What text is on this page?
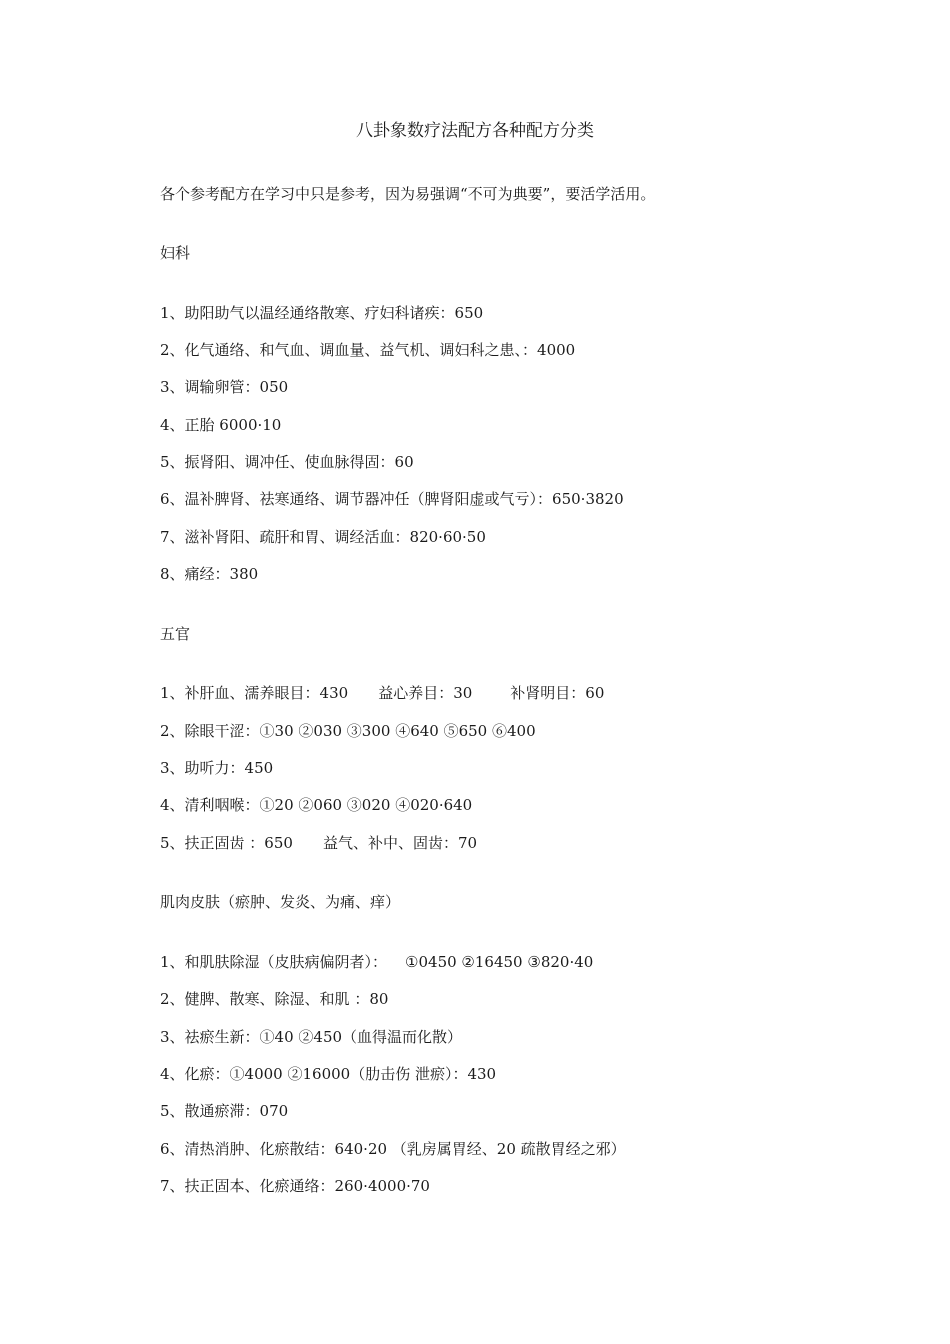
八卦象数疗法配方各种配方分类
各个参考配方在学习中只是参考，因为易强调“不可为典要”，要活学活用。
妇科
1、助阳助气以温经通络散寒、疗妇科诸疾：650
2、化气通络、和气血、调血量、益气机、调妇科之患、：4000
3、调输卵管：050
4、正胎 6000·10
5、振肾阳、调冲任、使血脉得固：60
6、温补脾肾、祛寒通络、调节器冲任（脾肾阳虚或气亏）：650·3820
7、滋补肾阳、疏肝和胃、调经活血：820·60·50
8、痛经：380
五官
1、补肝血、濡养眼目：430 益心养目：30	补肾明目：60
2、除眼干涩：①30 ②030 ③300 ④640 ⑤650 ⑥400
3、助听力：450
4、清利咽喉：①20 ②060 ③020 ④020·640
5、扶正固齿 ：650 益气、补中、固齿：70
肌肉皮肤（瘀肿、发炎、为痛、痒）
1、和肌肤除湿（皮肤病偏阴者）： ①0450 ②16450 ③820·40
2、健脾、散寒、除湿、和肌 ：80
3、祛瘀生新：①40 ②450（血得温而化散）
4、化瘀：①4000 ②16000（肋击伤 泄瘀）：430
5、散通瘀滞：070
6、清热消肿、化瘀散结：640·20 （乳房属胃经、20 疏散胃经之邪）
7、扶正固本、化瘀通络：260·4000·70
